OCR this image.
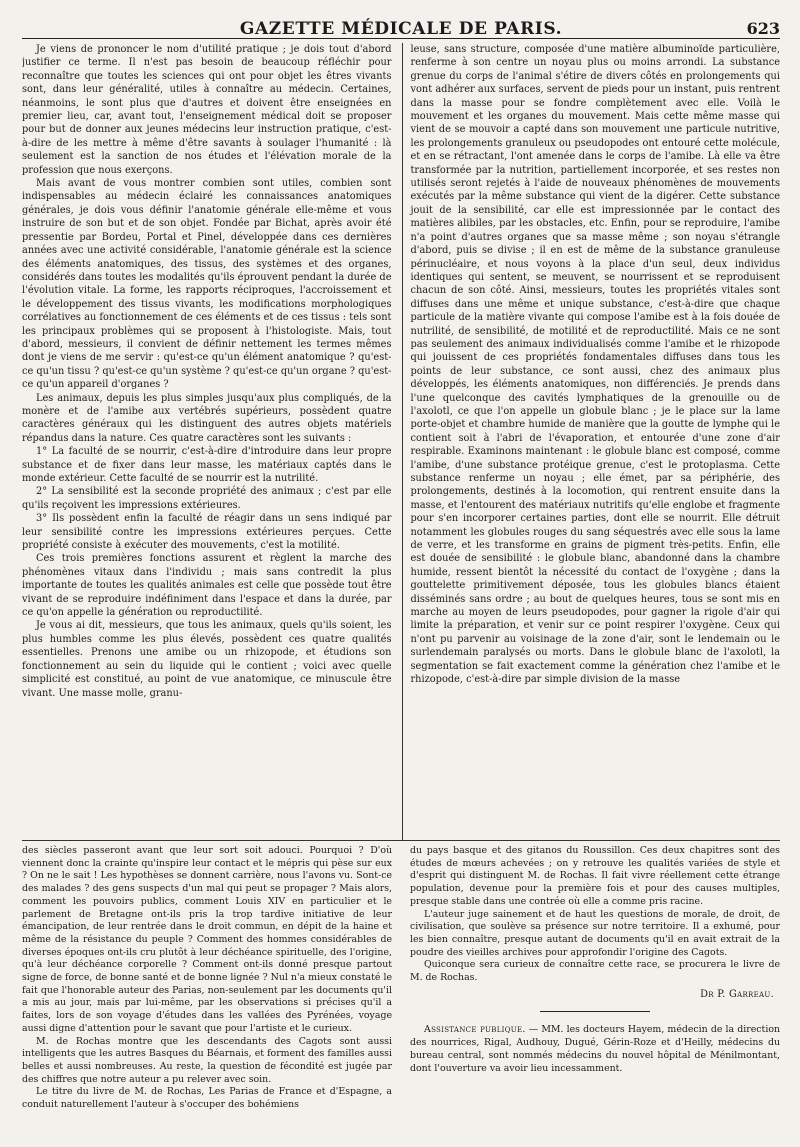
GAZETTE MÉDICALE DE PARIS.	623

Je viens de prononcer le nom d'utilité pratique ; je dois tout d'abord justifier ce terme. Il n'est pas besoin de beaucoup réfléchir pour reconnaître que toutes les sciences qui ont pour objet les êtres vivants sont, dans leur généralité, utiles à connaître au médecin. Certaines, néanmoins, le sont plus que d'autres et doivent être enseignées en premier lieu, car, avant tout, l'enseignement médical doit se proposer pour but de donner aux jeunes médecins leur instruction pratique, c'est-à-dire de les mettre à même d'être savants à soulager l'humanité : là seulement est la sanction de nos études et l'élévation morale de la profession que nous exerçons.

Mais avant de vous montrer combien sont utiles, combien sont indispensables au médecin éclairé les connaissances anatomiques générales, je dois vous définir l'anatomie générale elle-même et vous instruire de son but et de son objet. Fondée par Bichat, après avoir été pressentie par Bordeu, Portal et Pinel, développée dans ces dernières années avec une activité considérable, l'anatomie générale est la science des éléments anatomiques, des tissus, des systèmes et des organes, considérés dans toutes les modalités qu'ils éprouvent pendant la durée de l'évolution vitale. La forme, les rapports réciproques, l'accroissement et le développement des tissus vivants, les modifications morphologiques corrélatives au fonctionnement de ces éléments et de ces tissus : tels sont les principaux problèmes qui se proposent à l'histologiste. Mais, tout d'abord, messieurs, il convient de définir nettement les termes mêmes dont je viens de me servir : qu'est-ce qu'un élément anatomique ? qu'est-ce qu'un tissu ? qu'est-ce qu'un système ? qu'est-ce qu'un organe ? qu'est-ce qu'un appareil d'organes ?

Les animaux, depuis les plus simples jusqu'aux plus compliqués, de la monère et de l'amibe aux vertébrés supérieurs, possèdent quatre caractères généraux qui les distinguent des autres objets matériels répandus dans la nature. Ces quatre caractères sont les suivants :

1° La faculté de se nourrir, c'est-à-dire d'introduire dans leur propre substance et de fixer dans leur masse, les matériaux captés dans le monde extérieur. Cette faculté de se nourrir est la nutrilité.

2° La sensibilité est la seconde propriété des animaux ; c'est par elle qu'ils reçoivent les impressions extérieures.

3° Ils possèdent enfin la faculté de réagir dans un sens indiqué par leur sensibilité contre les impressions extérieures perçues. Cette propriété consiste à exécuter des mouvements, c'est la motilité.

Ces trois premières fonctions assurent et règlent la marche des phénomènes vitaux dans l'individu ; mais sans contredit la plus importante de toutes les qualités animales est celle que possède tout être vivant de se reproduire indéfiniment dans l'espace et dans la durée, par ce qu'on appelle la génération ou reproductilité.

Je vous ai dit, messieurs, que tous les animaux, quels qu'ils soient, les plus humbles comme les plus élevés, possèdent ces quatre qualités essentielles. Prenons une amibe ou un rhizopode, et étudions son fonctionnement au sein du liquide qui le contient ; voici avec quelle simplicité est constitué, au point de vue anatomique, ce minuscule être vivant. Une masse molle, granu-

leuse, sans structure, composée d'une matière albuminoïde particulière, renferme à son centre un noyau plus ou moins arrondi. La substance grenue du corps de l'animal s'étire de divers côtés en prolongements qui vont adhérer aux surfaces, servent de pieds pour un instant, puis rentrent dans la masse pour se fondre complètement avec elle. Voilà le mouvement et les organes du mouvement. Mais cette même masse qui vient de se mouvoir a capté dans son mouvement une particule nutritive, les prolongements granuleux ou pseudopodes ont entouré cette molécule, et en se rétractant, l'ont amenée dans le corps de l'amibe. Là elle va être transformée par la nutrition, partiellement incorporée, et ses restes non utilisés seront rejetés à l'aide de nouveaux phénomènes de mouvements exécutés par la même substance qui vient de la digérer. Cette substance jouit de la sensibilité, car elle est impressionnée par le contact des matières alibiles, par les obstacles, etc. Enfin, pour se reproduire, l'amibe n'a point d'autres organes que sa masse même ; son noyau s'étrangle d'abord, puis se divise ; il en est de même de la substance granuleuse périnucléaire, et nous voyons à la place d'un seul, deux individus identiques qui sentent, se meuvent, se nourrissent et se reproduisent chacun de son côté. Ainsi, messieurs, toutes les propriétés vitales sont diffuses dans une même et unique substance, c'est-à-dire que chaque particule de la matière vivante qui compose l'amibe est à la fois douée de nutrilité, de sensibilité, de motilité et de reproductilité. Mais ce ne sont pas seulement des animaux individualisés comme l'amibe et le rhizopode qui jouissent de ces propriétés fondamentales diffuses dans tous les points de leur substance, ce sont aussi, chez des animaux plus développés, les éléments anatomiques, non différenciés. Je prends dans l'une quelconque des cavités lymphatiques de la grenouille ou de l'axolotl, ce que l'on appelle un globule blanc ; je le place sur la lame porte-objet et chambre humide de manière que la goutte de lymphe qui le contient soit à l'abri de l'évaporation, et entourée d'une zone d'air respirable. Examinons maintenant : le globule blanc est composé, comme l'amibe, d'une substance protéique grenue, c'est le protoplasma. Cette substance renferme un noyau ; elle émet, par sa périphérie, des prolongements, destinés à la locomotion, qui rentrent ensuite dans la masse, et l'entourent des matériaux nutritifs qu'elle englobe et fragmente pour s'en incorporer certaines parties, dont elle se nourrit. Elle détruit notamment les globules rouges du sang séquestrés avec elle sous la lame de verre, et les transforme en grains de pigment très-petits. Enfin, elle est douée de sensibilité : le globule blanc, abandonné dans la chambre humide, ressent bientôt la nécessité du contact de l'oxygène ; dans la gouttelette primitivement déposée, tous les globules blancs étaient disséminés sans ordre ; au bout de quelques heures, tous se sont mis en marche au moyen de leurs pseudopodes, pour gagner la rigole d'air qui limite la préparation, et venir sur ce point respirer l'oxygène. Ceux qui n'ont pu parvenir au voisinage de la zone d'air, sont le lendemain ou le surlendemain paralysés ou morts. Dans le globule blanc de l'axolotl, la segmentation se fait exactement comme la génération chez l'amibe et le rhizopode, c'est-à-dire par simple division de la masse

des siècles passeront avant que leur sort soit adouci. Pourquoi ? D'où viennent donc la crainte qu'inspire leur contact et le mépris qui pèse sur eux ? On ne le sait ! Les hypothèses se donnent carrière, nous l'avons vu. Sont-ce des malades ? des gens suspects d'un mal qui peut se propager ? Mais alors, comment les pouvoirs publics, comment Louis XIV en particulier et le parlement de Bretagne ont-ils pris la trop tardive initiative de leur émancipation, de leur rentrée dans le droit commun, en dépit de la haine et même de la résistance du peuple ? Comment des hommes considérables de diverses époques ont-ils cru plutôt à leur déchéance spirituelle, des l'origine, qu'à leur déchéance corporelle ? Comment ont-ils donné presque partout signe de force, de bonne santé et de bonne lignée ? Nul n'a mieux constaté le fait que l'honorable auteur des Parias, non-seulement par les documents qu'il a mis au jour, mais par lui-même, par les observations si précises qu'il a faites, lors de son voyage d'études dans les vallées des Pyrénées, voyage aussi digne d'attention pour le savant que pour l'artiste et le curieux.

M. de Rochas montre que les descendants des Cagots sont aussi intelligents que les autres Basques du Béarnais, et forment des familles aussi belles et aussi nombreuses. Au reste, la question de fécondité est jugée par des chiffres que notre auteur a pu relever avec soin.

Le titre du livre de M. de Rochas, Les Parias de France et d'Espagne, a conduit naturellement l'auteur à s'occuper des bohémiens

du pays basque et des gitanos du Roussillon. Ces deux chapitres sont des études de mœurs achevées ; on y retrouve les qualités variées de style et d'esprit qui distinguent M. de Rochas. Il fait vivre réellement cette étrange population, devenue pour la première fois et pour des causes multiples, presque stable dans une contrée où elle a comme pris racine.

L'auteur juge sainement et de haut les questions de morale, de droit, de civilisation, que soulève sa présence sur notre territoire. Il a exhumé, pour les bien connaître, presque autant de documents qu'il en avait extrait de la poudre des vieilles archives pour approfondir l'origine des Cagots.

Quiconque sera curieux de connaître cette race, se procurera le livre de M. de Rochas.

Dr P. Garreau.

Assistance publique. — MM. les docteurs Hayem, médecin de la direction des nourrices, Rigal, Audhouy, Dugué, Gérin-Roze et d'Heilly, médecins du bureau central, sont nommés médecins du nouvel hôpital de Ménilmontant, dont l'ouverture va avoir lieu incessamment.
